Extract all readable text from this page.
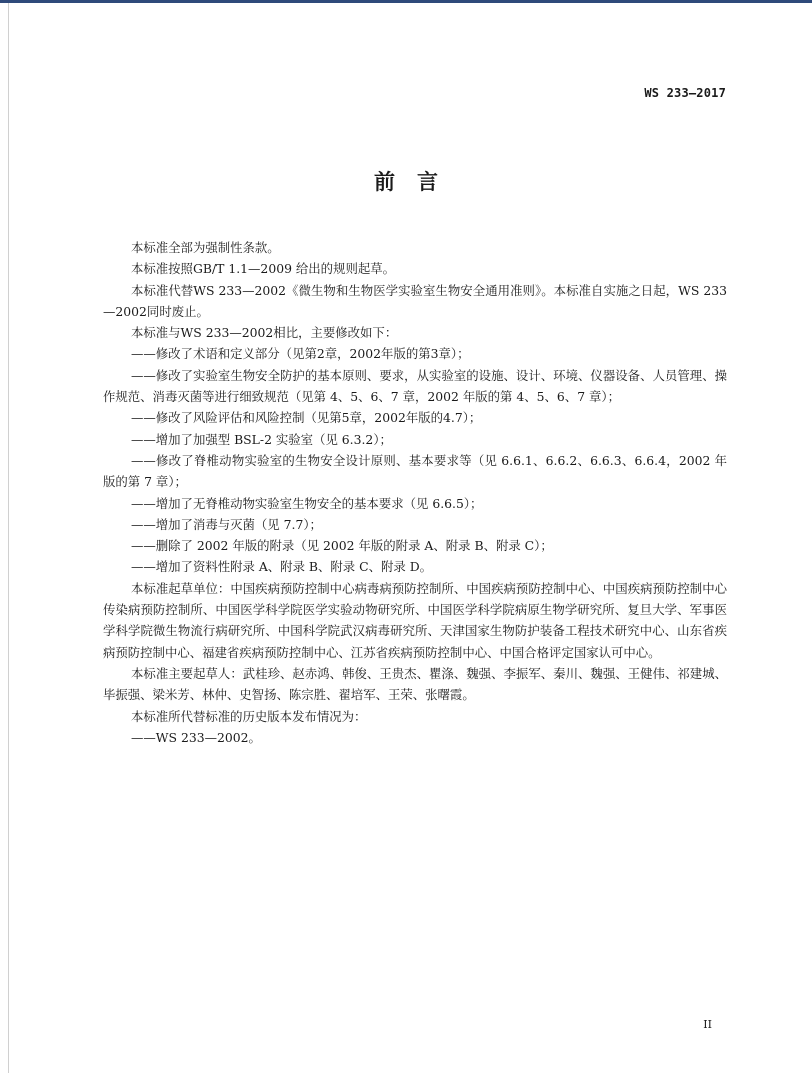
WS 233—2017
前言

本标准全部为强制性条款。

本标准按照GB/T 1.1—2009 给出的规则起草。

本标准代替WS 233—2002《微生物和生物医学实验室生物安全通用准则》。本标准自实施之日起，WS 233—2002同时废止。

本标准与WS 233—2002相比，主要修改如下：

——修改了术语和定义部分（见第2章，2002年版的第3章）；

——修改了实验室生物安全防护的基本原则、要求，从实验室的设施、设计、环境、仪器设备、人员管理、操作规范、消毒灭菌等进行细致规范（见第 4、5、6、7 章，2002 年版的第 4、5、6、7 章）；

——修改了风险评估和风险控制（见第5章，2002年版的4.7）；

——增加了加强型 BSL-2 实验室（见 6.3.2）；

——修改了脊椎动物实验室的生物安全设计原则、基本要求等（见 6.6.1、6.6.2、6.6.3、6.6.4，2002 年版的第 7 章）；

——增加了无脊椎动物实验室生物安全的基本要求（见 6.6.5）；

——增加了消毒与灭菌（见 7.7）；

——删除了 2002 年版的附录（见 2002 年版的附录 A、附录 B、附录 C）；

——增加了资料性附录 A、附录 B、附录 C、附录 D。

本标准起草单位：中国疾病预防控制中心病毒病预防控制所、中国疾病预防控制中心、中国疾病预防控制中心传染病预防控制所、中国医学科学院医学实验动物研究所、中国医学科学院病原生物学研究所、复旦大学、军事医学科学院微生物流行病研究所、中国科学院武汉病毒研究所、天津国家生物防护装备工程技术研究中心、山东省疾病预防控制中心、福建省疾病预防控制中心、江苏省疾病预防控制中心、中国合格评定国家认可中心。

本标准主要起草人：武桂珍、赵赤鸿、韩俊、王贵杰、瞿涤、魏强、李振军、秦川、魏强、王健伟、祁建城、毕振强、梁米芳、林仲、史智扬、陈宗胜、翟培军、王荣、张曙霞。

本标准所代替标准的历史版本发布情况为：

——WS 233—2002。

II
